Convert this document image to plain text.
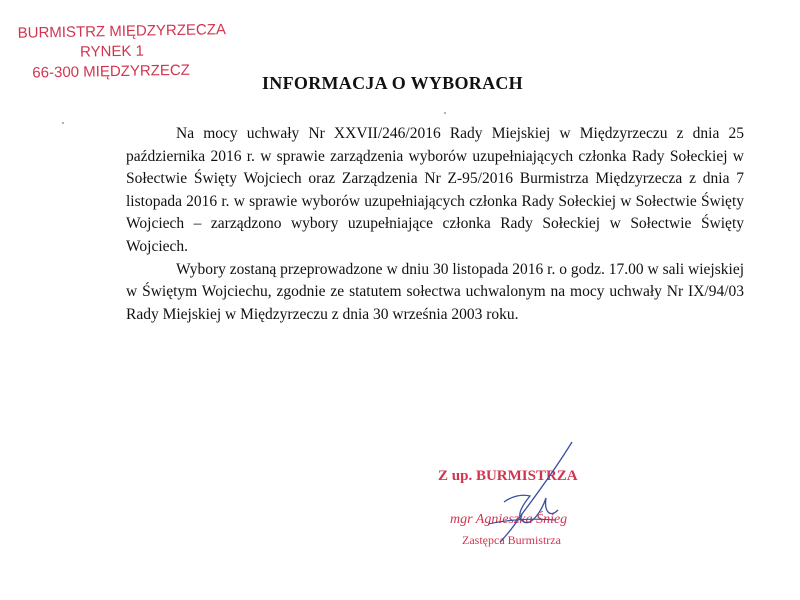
BURMISTRZ MIĘDZYRZECZA
RYNEK 1
66-300 MIĘDZYRZECZ
INFORMACJA O WYBORACH

Na mocy uchwały Nr XXVII/246/2016 Rady Miejskiej w Międzyrzeczu z dnia 25 października 2016 r. w sprawie zarządzenia wyborów uzupełniających członka Rady Sołeckiej w Sołectwie Święty Wojciech oraz Zarządzenia Nr Z-95/2016 Burmistrza Międzyrzecza z dnia 7 listopada 2016 r. w sprawie wyborów uzupełniających członka Rady Sołeckiej w Sołectwie Święty Wojciech – zarządzono wybory uzupełniające członka Rady Sołeckiej w Sołectwie Święty Wojciech.

Wybory zostaną przeprowadzone w dniu 30 listopada 2016 r. o godz. 17.00 w sali wiejskiej w Świętym Wojciechu, zgodnie ze statutem sołectwa uchwalonym na mocy uchwały Nr IX/94/03 Rady Miejskiej w Międzyrzeczu z dnia 30 września 2003 roku.

Z up. BURMISTRZA
mgr Agnieszka Śnieg
Zastępca Burmistrza
